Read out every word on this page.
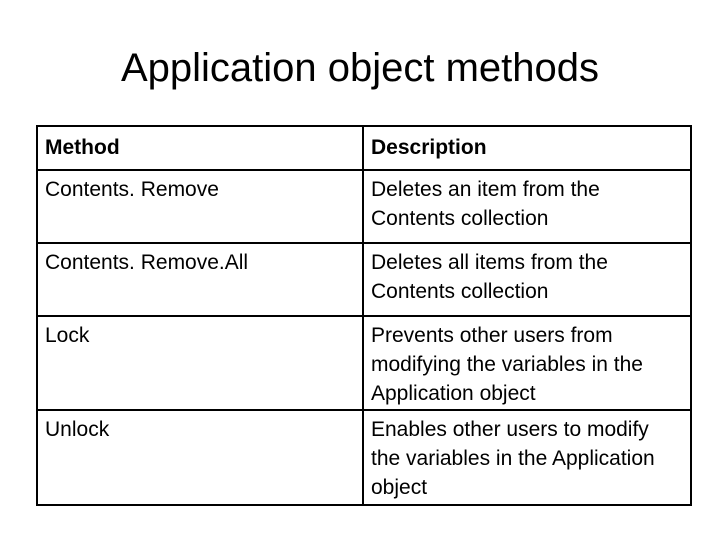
Application object methods
Method	Description
Contents. Remove	Deletes an item from the Contents collection
Contents. Remove.All	Deletes all items from the Contents collection
Lock	Prevents other users from modifying the variables in the Application object
Unlock	Enables other users to modify the variables in the Application object
